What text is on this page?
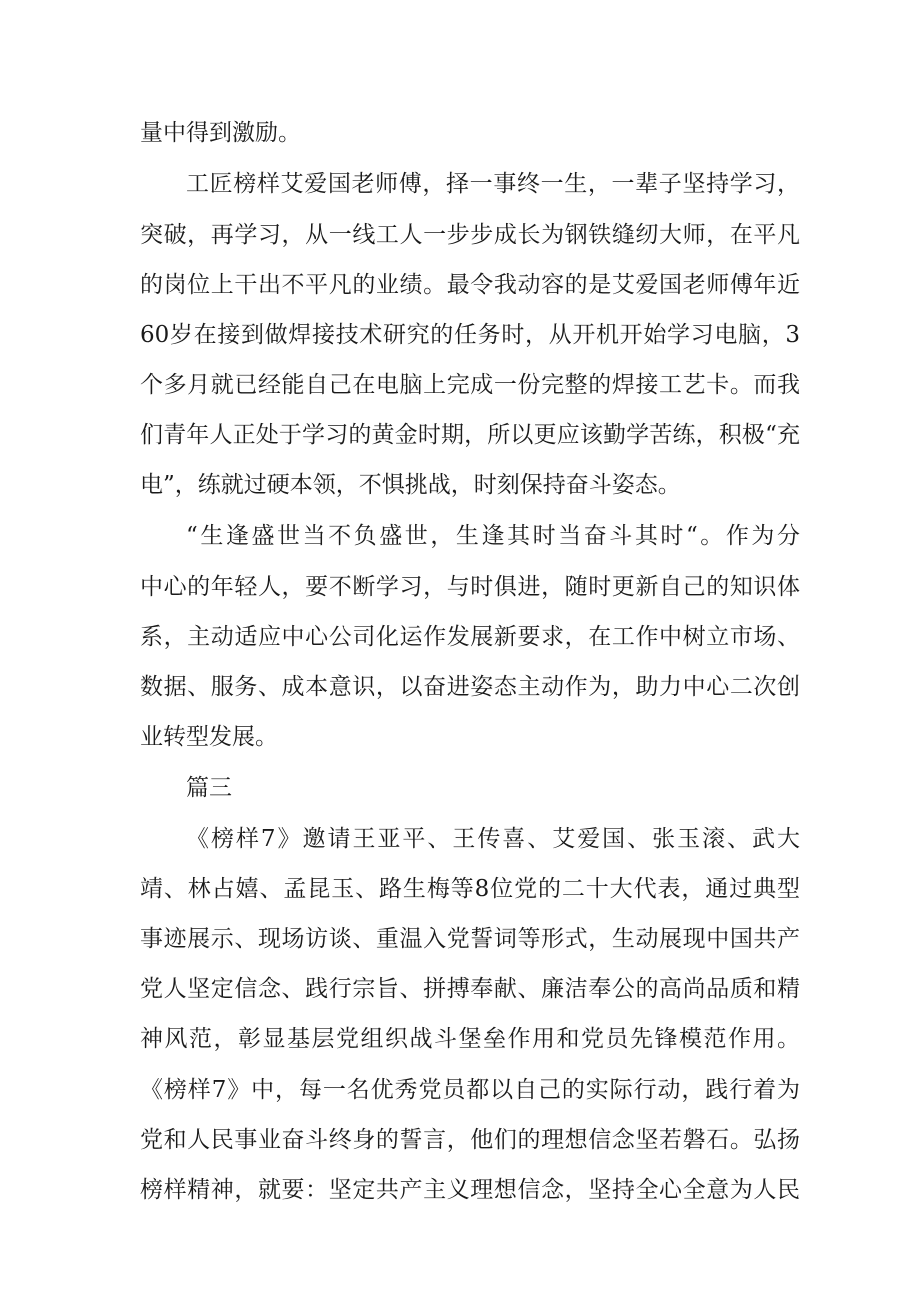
量中得到激励。

工匠榜样艾爱国老师傅，择一事终一生，一辈子坚持学习，

突破，再学习，从一线工人一步步成长为钢铁缝纫大师，在平凡

的岗位上干出不平凡的业绩。最令我动容的是艾爱国老师傅年近

60岁在接到做焊接技术研究的任务时，从开机开始学习电脑，3

个多月就已经能自己在电脑上完成一份完整的焊接工艺卡。而我

们青年人正处于学习的黄金时期，所以更应该勤学苦练，积极“充

电”，练就过硬本领，不惧挑战，时刻保持奋斗姿态。

“生逢盛世当不负盛世，生逢其时当奋斗其时“。作为分

中心的年轻人，要不断学习，与时俱进，随时更新自己的知识体

系，主动适应中心公司化运作发展新要求，在工作中树立市场、

数据、服务、成本意识，以奋进姿态主动作为，助力中心二次创

业转型发展。

篇三

《榜样7》邀请王亚平、王传喜、艾爱国、张玉滚、武大

靖、林占嬉、孟昆玉、路生梅等8位党的二十大代表，通过典型

事迹展示、现场访谈、重温入党誓词等形式，生动展现中国共产

党人坚定信念、践行宗旨、拼搏奉献、廉洁奉公的高尚品质和精

神风范，彰显基层党组织战斗堡垒作用和党员先锋模范作用。

《榜样7》中，每一名优秀党员都以自己的实际行动，践行着为

党和人民事业奋斗终身的誓言，他们的理想信念坚若磐石。弘扬

榜样精神，就要：坚定共产主义理想信念，坚持全心全意为人民
